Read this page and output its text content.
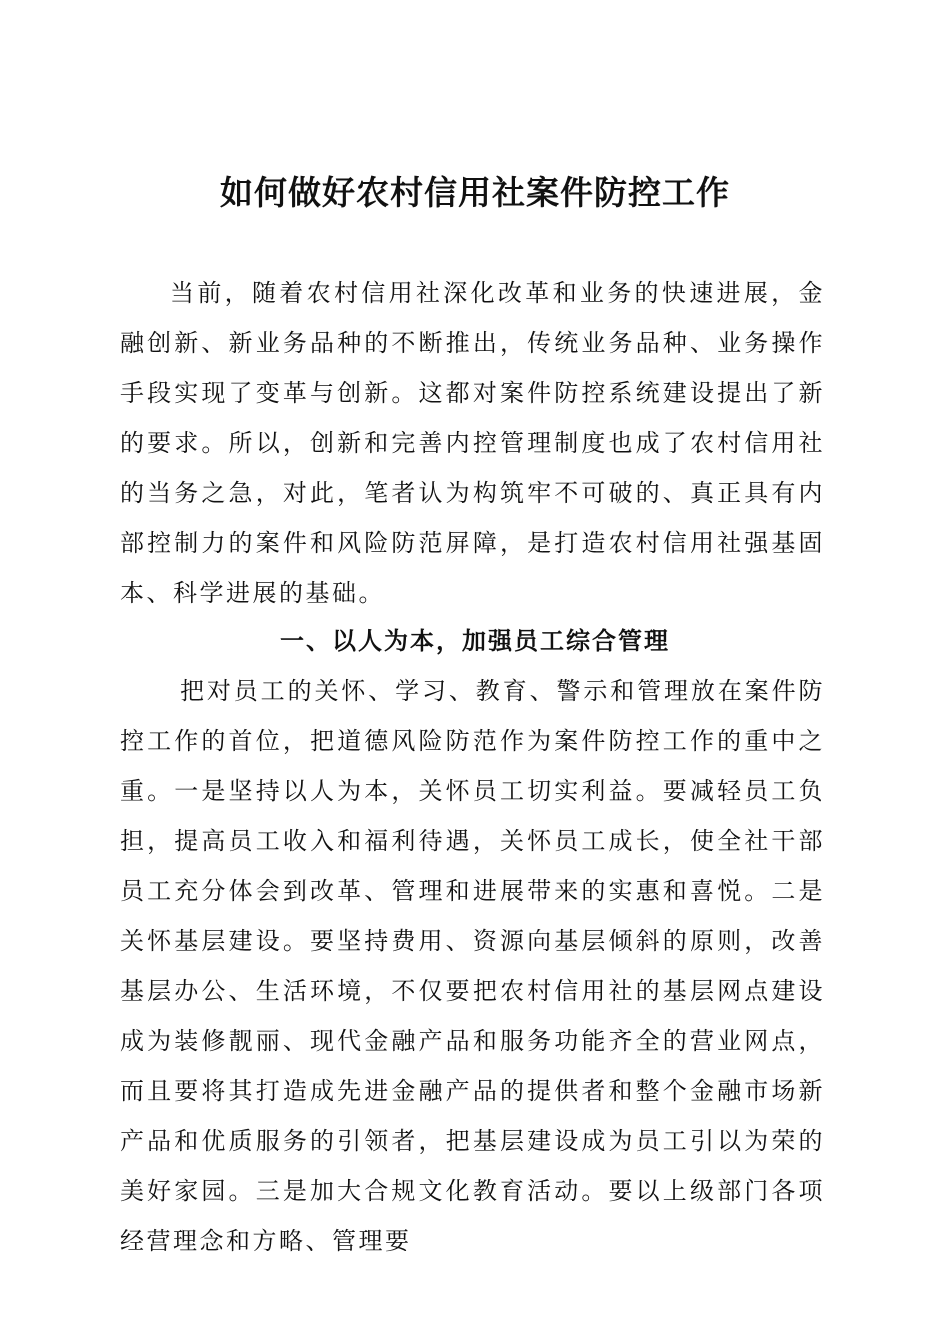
如何做好农村信用社案件防控工作

当前，随着农村信用社深化改革和业务的快速进展，金融创新、新业务品种的不断推出，传统业务品种、业务操作手段实现了变革与创新。这都对案件防控系统建设提出了新的要求。所以，创新和完善内控管理制度也成了农村信用社的当务之急，对此，笔者认为构筑牢不可破的、真正具有内部控制力的案件和风险防范屏障，是打造农村信用社强基固本、科学进展的基础。

一、以人为本，加强员工综合管理

把对员工的关怀、学习、教育、警示和管理放在案件防控工作的首位，把道德风险防范作为案件防控工作的重中之重。一是坚持以人为本，关怀员工切实利益。要减轻员工负担，提高员工收入和福利待遇，关怀员工成长，使全社干部员工充分体会到改革、管理和进展带来的实惠和喜悦。二是关怀基层建设。要坚持费用、资源向基层倾斜的原则，改善基层办公、生活环境，不仅要把农村信用社的基层网点建设成为装修靓丽、现代金融产品和服务功能齐全的营业网点，而且要将其打造成先进金融产品的提供者和整个金融市场新产品和优质服务的引领者，把基层建设成为员工引以为荣的美好家园。三是加大合规文化教育活动。要以上级部门各项经营理念和方略、管理要
